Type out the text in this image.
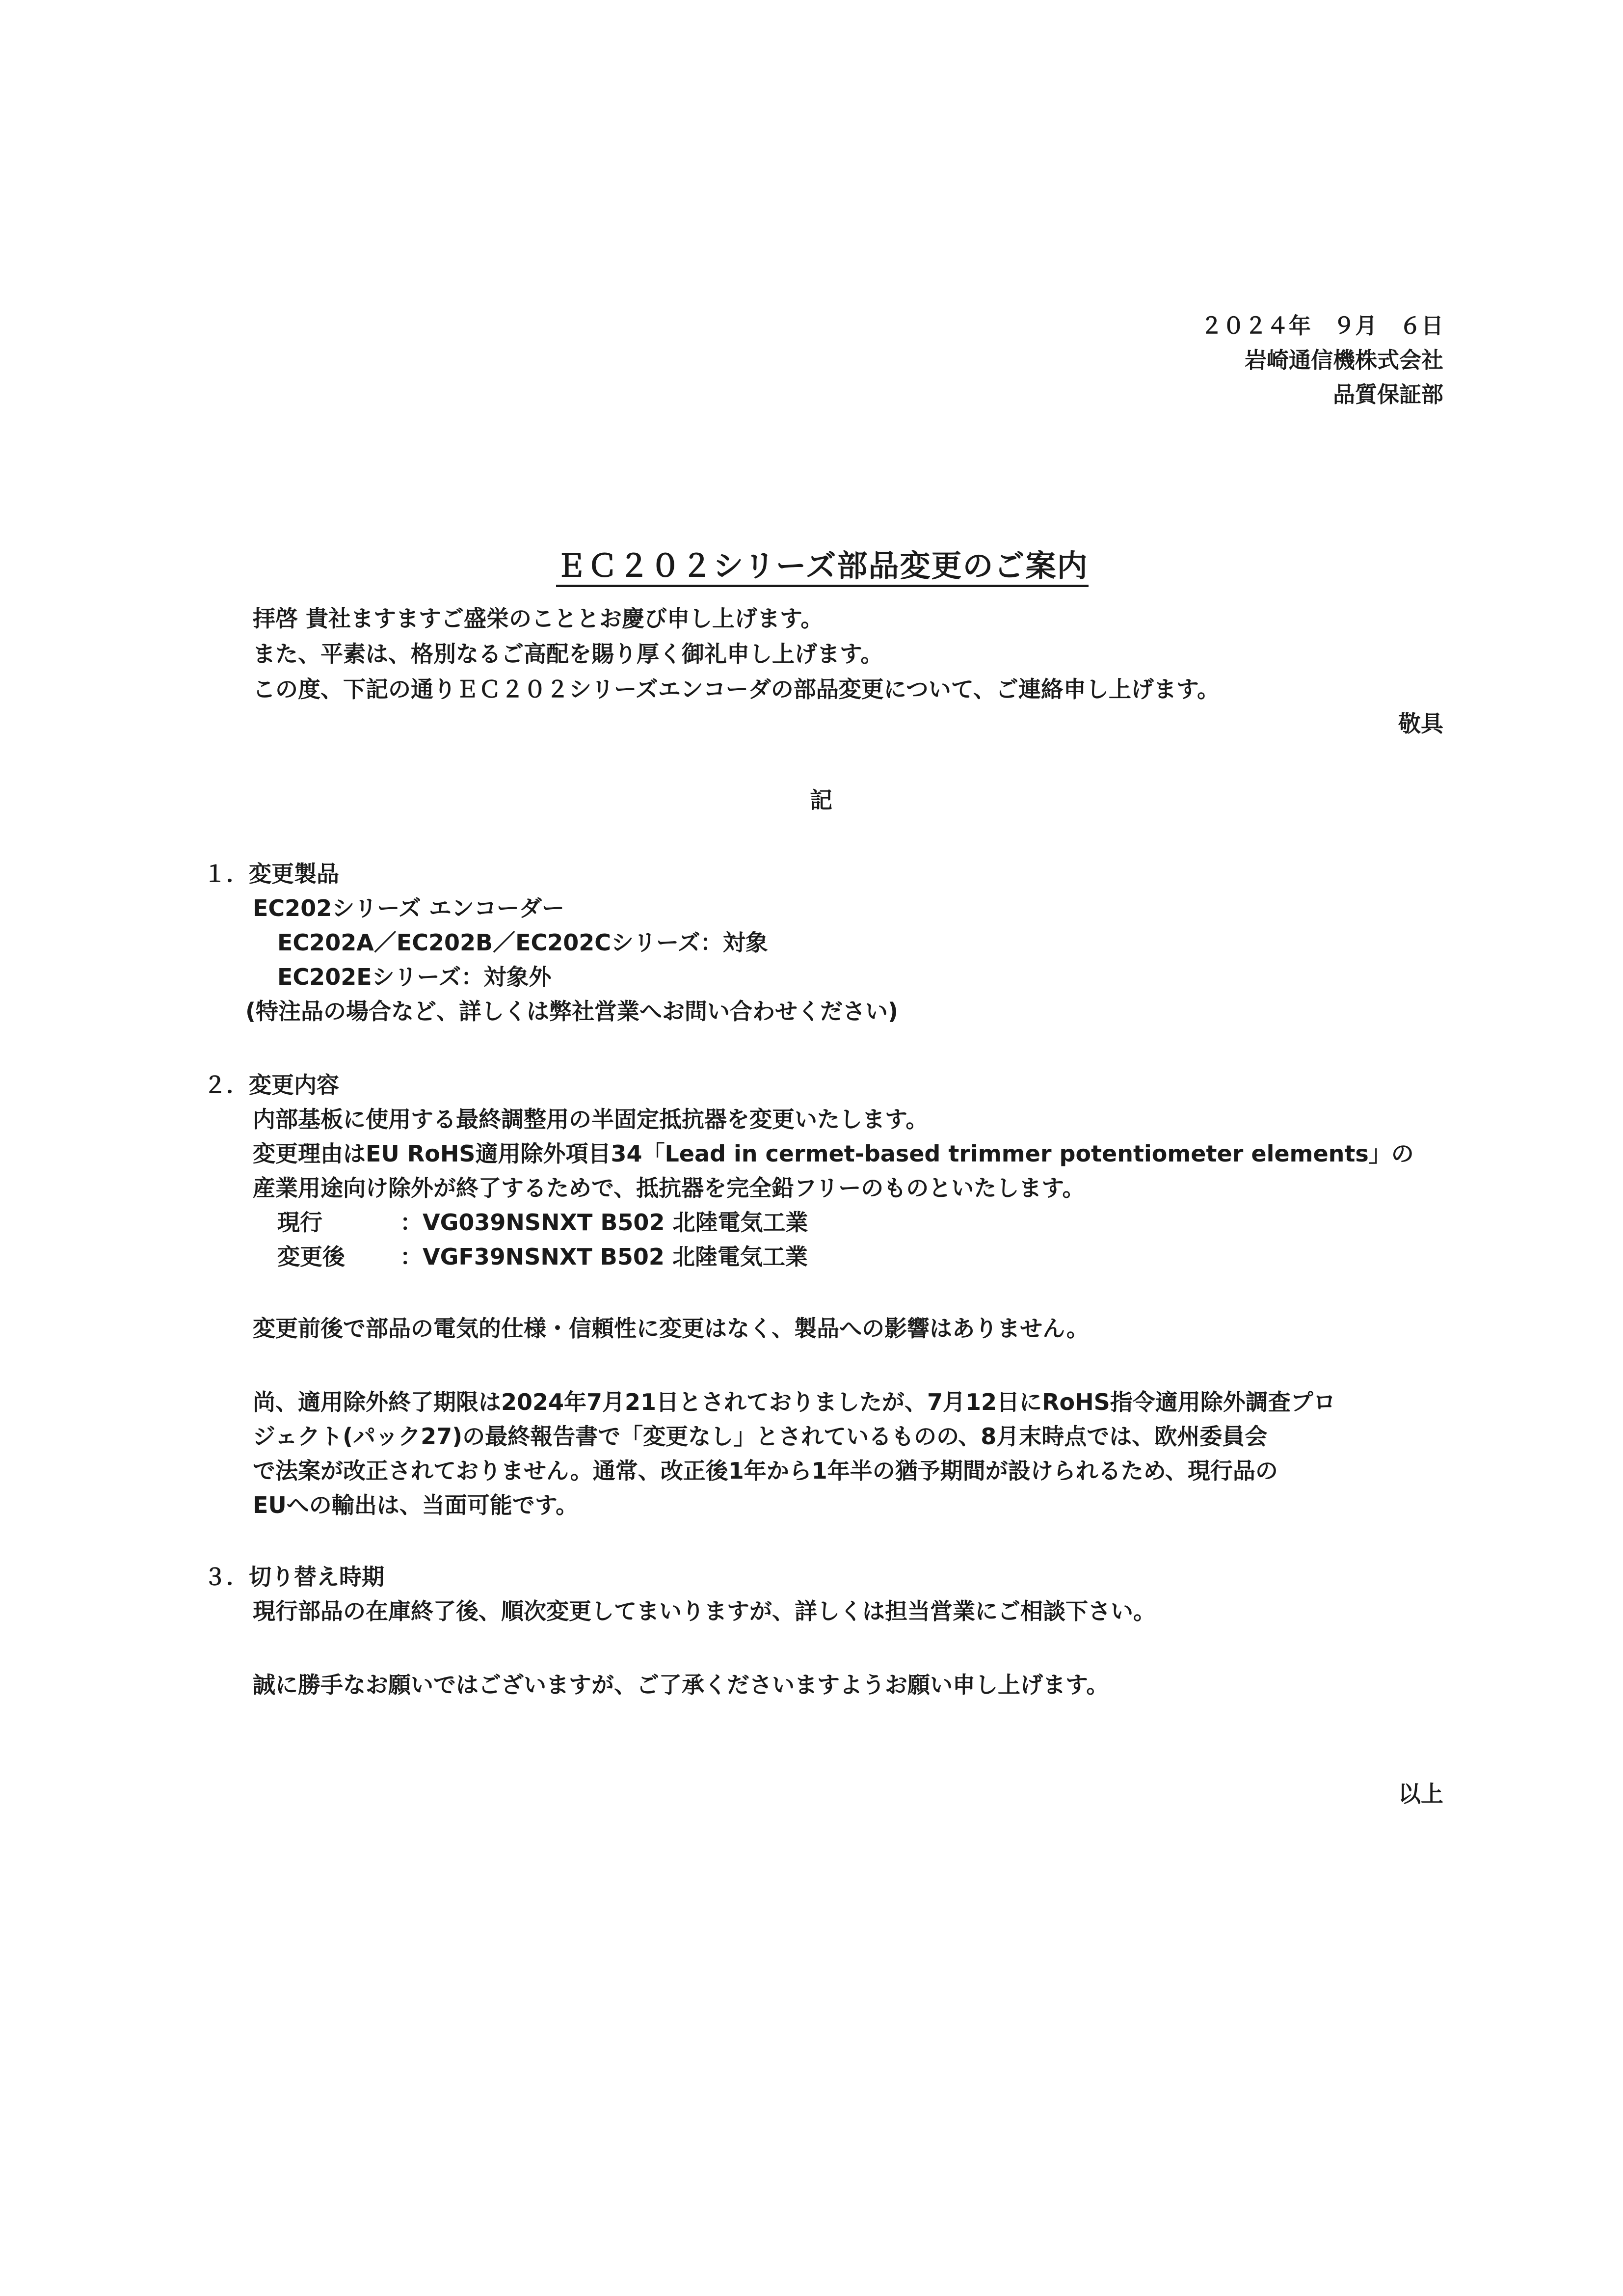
２０２４年　９月　６日
岩崎通信機株式会社
品質保証部

ＥＣ２０２シリーズ部品変更のご案内

拝啓 貴社ますますご盛栄のこととお慶び申し上げます。
また、平素は、格別なるご高配を賜り厚く御礼申し上げます。
この度、下記の通りＥＣ２０２シリーズエンコーダの部品変更について、ご連絡申し上げます。
敬具
記
１．変更製品
EC202シリーズ エンコーダー
EC202A／EC202B／EC202Cシリーズ：対象
EC202Eシリーズ：対象外
(特注品の場合など、詳しくは弊社営業へお問い合わせください)
２．変更内容
内部基板に使用する最終調整用の半固定抵抗器を変更いたします。
変更理由はEU RoHS適用除外項目34「Lead in cermet-based trimmer potentiometer elements」の
産業用途向け除外が終了するためで、抵抗器を完全鉛フリーのものといたします。
現行	：VG039NSNXT B502 北陸電気工業
変更後 ：VGF39NSNXT B502 北陸電気工業
変更前後で部品の電気的仕様・信頼性に変更はなく、製品への影響はありません。
尚、適用除外終了期限は2024年7月21日とされておりましたが、7月12日にRoHS指令適用除外調査プロ
ジェクト(パック27)の最終報告書で「変更なし」とされているものの、8月末時点では、欧州委員会
で法案が改正されておりません。通常、改正後1年から1年半の猶予期間が設けられるため、現行品の
EUへの輸出は、当面可能です。
３．切り替え時期
現行部品の在庫終了後、順次変更してまいりますが、詳しくは担当営業にご相談下さい。
誠に勝手なお願いではございますが、ご了承くださいますようお願い申し上げます。
以上
